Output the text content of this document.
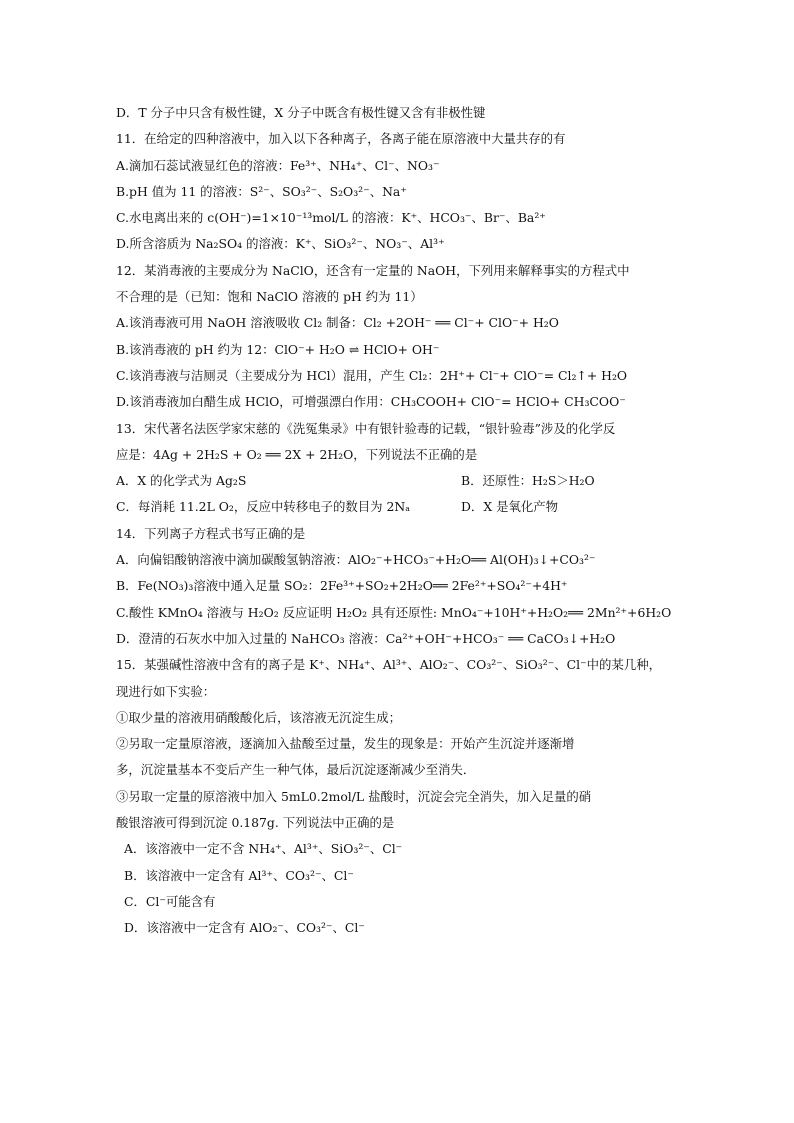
D．T 分子中只含有极性键，X 分子中既含有极性键又含有非极性键
11．在给定的四种溶液中，加入以下各种离子，各离子能在原溶液中大量共存的有
A.滴加石蕊试液显红色的溶液：Fe³⁺、NH₄⁺、Cl⁻、NO₃⁻
B.pH 值为 11 的溶液：S²⁻、SO₃²⁻、S₂O₃²⁻、Na⁺
C.水电离出来的 c(OH⁻)=1×10⁻¹³mol/L 的溶液：K⁺、HCO₃⁻、Br⁻、Ba²⁺
D.所含溶质为 Na₂SO₄ 的溶液：K⁺、SiO₃²⁻、NO₃⁻、Al³⁺
12．某消毒液的主要成分为 NaClO，还含有一定量的 NaOH，下列用来解释事实的方程式中
不合理的是（已知：饱和 NaClO 溶液的 pH 约为 11）
A.该消毒液可用 NaOH 溶液吸收 Cl₂ 制备：Cl₂ +2OH⁻ ══ Cl⁻+ ClO⁻+ H₂O
B.该消毒液的 pH 约为 12：ClO⁻+ H₂O ⇌ HClO+ OH⁻
C.该消毒液与洁厕灵（主要成分为 HCl）混用，产生 Cl₂：2H⁺+ Cl⁻+ ClO⁻= Cl₂↑+ H₂O
D.该消毒液加白醋生成 HClO，可增强漂白作用：CH₃COOH+ ClO⁻= HClO+ CH₃COO⁻
13．宋代著名法医学家宋慈的《洗冤集录》中有银针验毒的记载，“银针验毒”涉及的化学反
应是：4Ag + 2H₂S + O₂ ══ 2X + 2H₂O，下列说法不正确的是
A．X 的化学式为 Ag₂S	B．还原性：H₂S＞H₂O
C．每消耗 11.2L O₂，反应中转移电子的数目为 2Nₐ	D．X 是氧化产物
14．下列离子方程式书写正确的是
A．向偏铝酸钠溶液中滴加碳酸氢钠溶液：AlO₂⁻+HCO₃⁻+H₂O══ Al(OH)₃↓+CO₃²⁻
B．Fe(NO₃)₃溶液中通入足量 SO₂：2Fe³⁺+SO₂+2H₂O══ 2Fe²⁺+SO₄²⁻+4H⁺
C.酸性 KMnO₄ 溶液与 H₂O₂ 反应证明 H₂O₂ 具有还原性: MnO₄⁻+10H⁺+H₂O₂══ 2Mn²⁺+6H₂O
D．澄清的石灰水中加入过量的 NaHCO₃ 溶液：Ca²⁺+OH⁻+HCO₃⁻ ══ CaCO₃↓+H₂O
15．某强碱性溶液中含有的离子是 K⁺、NH₄⁺、Al³⁺、AlO₂⁻、CO₃²⁻、SiO₃²⁻、Cl⁻中的某几种，
现进行如下实验：
①取少量的溶液用硝酸酸化后，该溶液无沉淀生成；
②另取一定量原溶液，逐滴加入盐酸至过量，发生的现象是：开始产生沉淀并逐渐增
多，沉淀量基本不变后产生一种气体，最后沉淀逐渐减少至消失．
③另取一定量的原溶液中加入 5mL0.2mol/L 盐酸时，沉淀会完全消失，加入足量的硝
酸银溶液可得到沉淀 0.187g. 下列说法中正确的是
A．该溶液中一定不含 NH₄⁺、Al³⁺、SiO₃²⁻、Cl⁻
B．该溶液中一定含有 Al³⁺、CO₃²⁻、Cl⁻
C．Cl⁻可能含有
D．该溶液中一定含有 AlO₂⁻、CO₃²⁻、Cl⁻
